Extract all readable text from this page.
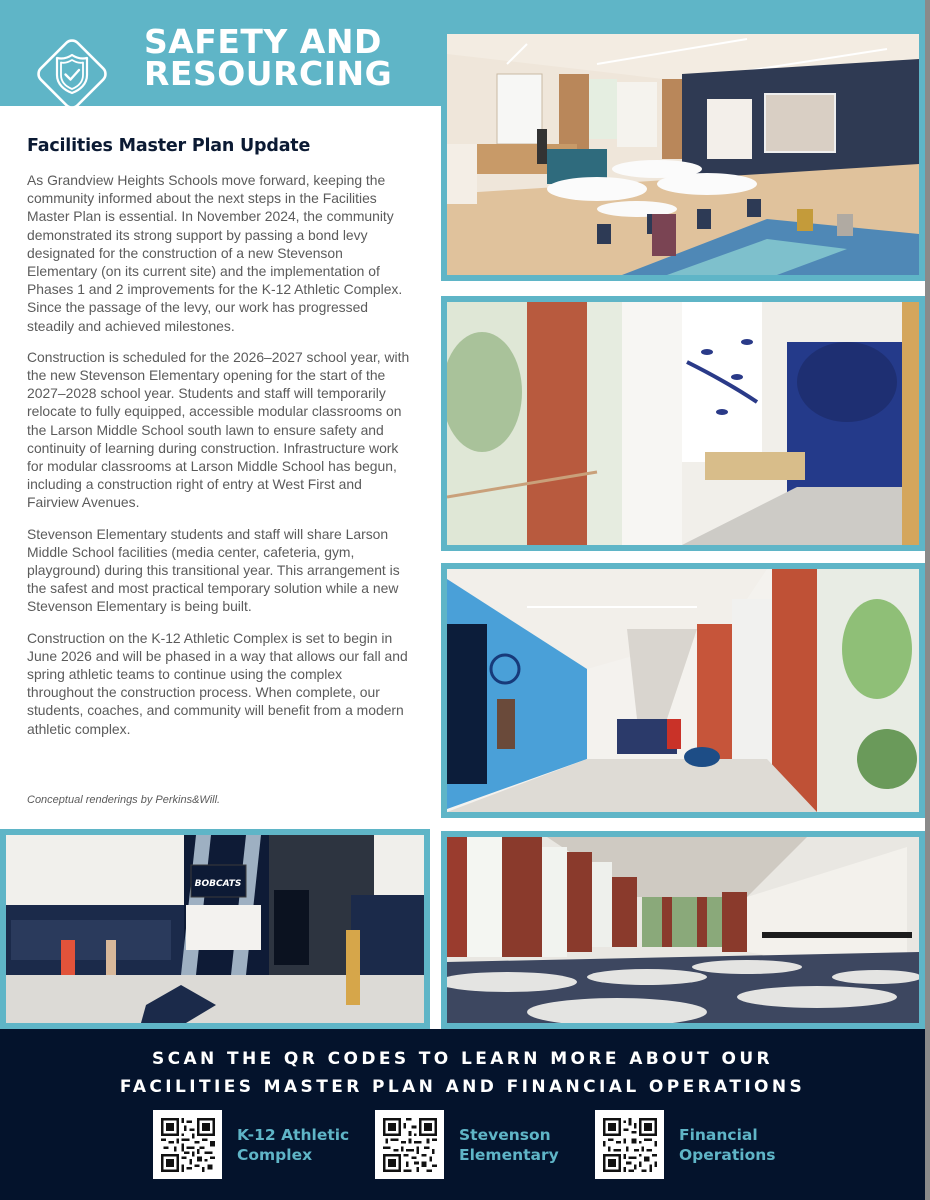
SAFETY AND
RESOURCING
Facilities Master Plan Update

As Grandview Heights Schools move forward, keeping the community informed about the next steps in the Facilities Master Plan is essential. In November 2024, the community demonstrated its strong support by passing a bond levy designated for the construction of a new Stevenson Elementary (on its current site) and the implementation of Phases 1 and 2 improvements for the K-12 Athletic Complex. Since the passage of the levy, our work has progressed steadily and achieved milestones.

Construction is scheduled for the 2026–2027 school year, with the new Stevenson Elementary opening for the start of the 2027–2028 school year. Students and staff will temporarily relocate to fully equipped, accessible modular classrooms on the Larson Middle School south lawn to ensure safety and continuity of learning during construction. Infrastructure work for modular classrooms at Larson Middle School has begun, including a construction right of entry at West First and Fairview Avenues.

Stevenson Elementary students and staff will share Larson Middle School facilities (media center, cafeteria, gym, playground) during this transitional year. This arrangement is the safest and most practical temporary solution while a new Stevenson Elementary is being built.

Construction on the K-12 Athletic Complex is set to begin in June 2026 and will be phased in a way that allows our fall and spring athletic teams to continue using the complex throughout the construction process. When complete, our students, coaches, and community will benefit from a modern athletic complex.

Conceptual renderings by Perkins&Will.
BOBCATS
SCAN THE QR CODES TO LEARN MORE ABOUT OUR
FACILITIES MASTER PLAN AND FINANCIAL OPERATIONS
K-12 Athletic
Complex
Stevenson
Elementary
Financial
Operations
